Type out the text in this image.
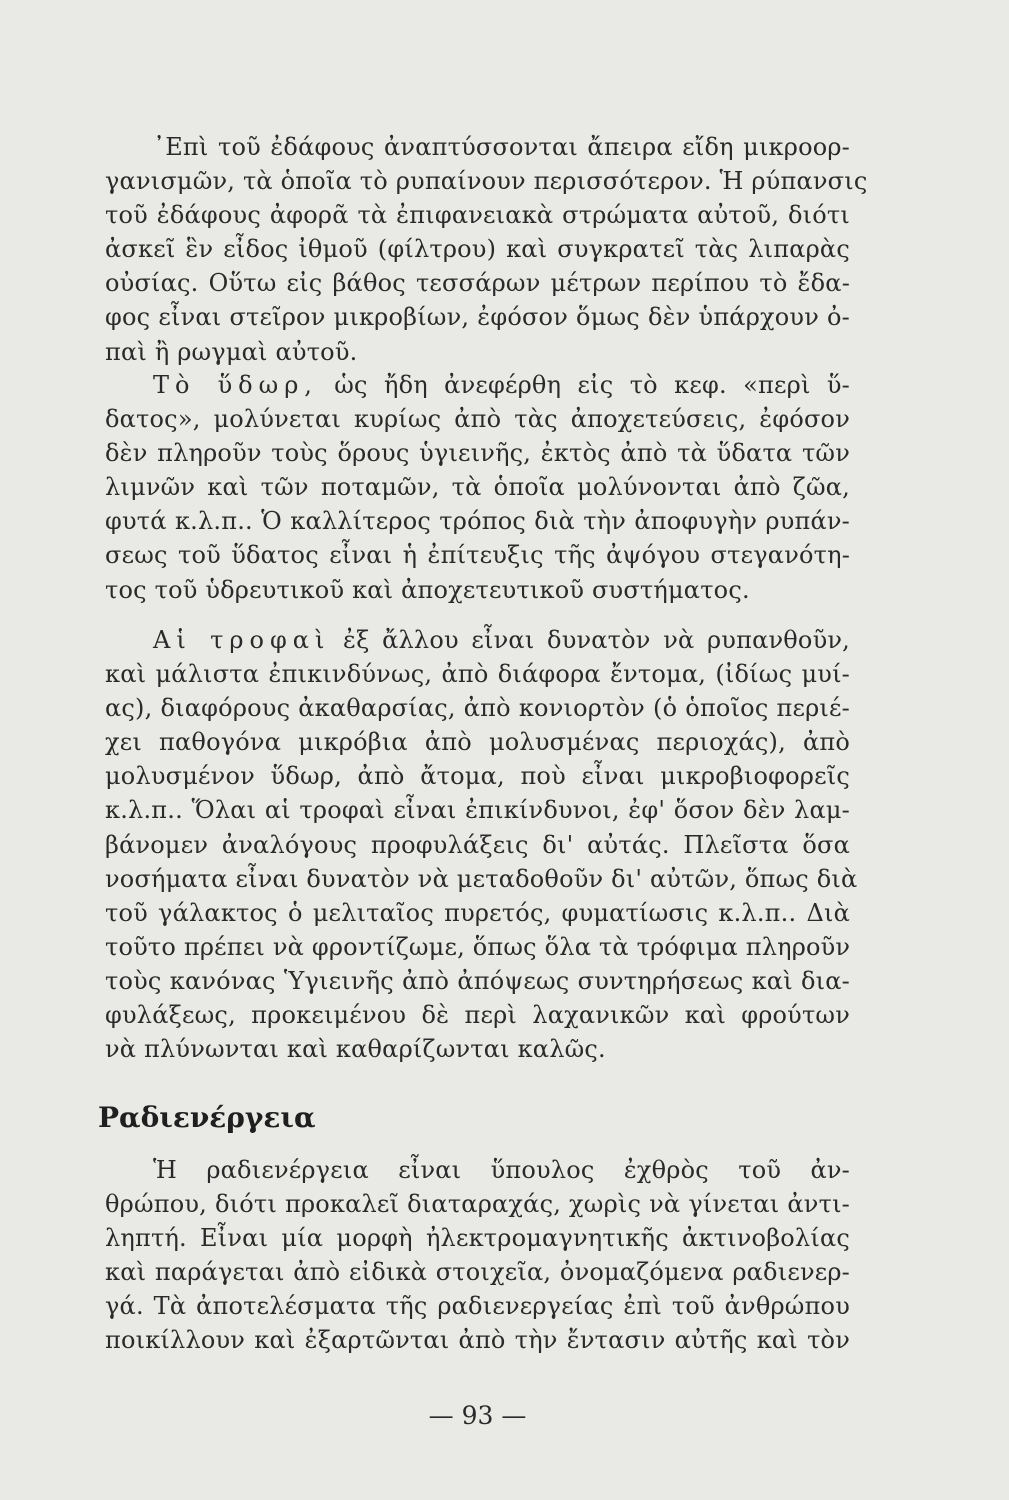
᾿Επὶ τοῦ ἐδάφους ἀναπτύσσονται ἄπειρα εἴδη μικροορ-
γανισμῶν, τὰ ὁποῖα τὸ ρυπαίνουν περισσότερον. Ἡ ρύπανσις
τοῦ ἐδάφους ἀφορᾶ τὰ ἐπιφανειακὰ στρώματα αὐτοῦ, διότι
ἀσκεῖ ἓν εἶδος ἰθμοῦ (φίλτρου) καὶ συγκρατεῖ τὰς λιπαρὰς
οὐσίας. Οὕτω εἰς βάθος τεσσάρων μέτρων περίπου τὸ ἔδα-
φος εἶναι στεῖρον μικροβίων, ἐφόσον ὅμως δὲν ὑπάρχουν ὀ-
παὶ ἢ ρωγμαὶ αὐτοῦ.
Τὸ ὕδωρ, ὡς ἤδη ἀνεφέρθη εἰς τὸ κεφ. «περὶ ὕ-
δατος», μολύνεται κυρίως ἀπὸ τὰς ἀποχετεύσεις, ἐφόσον
δὲν πληροῦν τοὺς ὅρους ὑγιεινῆς, ἐκτὸς ἀπὸ τὰ ὕδατα τῶν
λιμνῶν καὶ τῶν ποταμῶν, τὰ ὁποῖα μολύνονται ἀπὸ ζῶα,
φυτά κ.λ.π.. Ὁ καλλίτερος τρόπος διὰ τὴν ἀποφυγὴν ρυπάν-
σεως τοῦ ὕδατος εἶναι ἡ ἐπίτευξις τῆς ἀψόγου στεγανότη-
τος τοῦ ὑδρευτικοῦ καὶ ἀποχετευτικοῦ συστήματος.
Αἱ τροφαὶ ἐξ ἄλλου εἶναι δυνατὸν νὰ ρυπανθοῦν,
καὶ μάλιστα ἐπικινδύνως, ἀπὸ διάφορα ἔντομα, (ἰδίως μυί-
ας), διαφόρους ἀκαθαρσίας, ἀπὸ κονιορτὸν (ὁ ὁποῖος περιέ-
χει παθογόνα μικρόβια ἀπὸ μολυσμένας περιοχάς), ἀπὸ
μολυσμένον ὕδωρ, ἀπὸ ἄτομα, ποὺ εἶναι μικροβιοφορεῖς
κ.λ.π.. Ὅλαι αἱ τροφαὶ εἶναι ἐπικίνδυνοι, ἐφ' ὅσον δὲν λαμ-
βάνομεν ἀναλόγους προφυλάξεις δι' αὐτάς. Πλεῖστα ὅσα
νοσήματα εἶναι δυνατὸν νὰ μεταδοθοῦν δι' αὐτῶν, ὅπως διὰ
τοῦ γάλακτος ὁ μελιταῖος πυρετός, φυματίωσις κ.λ.π.. Διὰ
τοῦτο πρέπει νὰ φροντίζωμε, ὅπως ὅλα τὰ τρόφιμα πληροῦν
τοὺς κανόνας Ὑγιεινῆς ἀπὸ ἀπόψεως συντηρήσεως καὶ δια-
φυλάξεως, προκειμένου δὲ περὶ λαχανικῶν καὶ φρούτων
νὰ πλύνωνται καὶ καθαρίζωνται καλῶς.
Ραδιενέργεια
Ἡ ραδιενέργεια εἶναι ὕπουλος ἐχθρὸς τοῦ ἀν-
θρώπου, διότι προκαλεῖ διαταραχάς, χωρὶς νὰ γίνεται ἀντι-
ληπτή. Εἶναι μία μορφὴ ἠλεκτρομαγνητικῆς ἀκτινοβολίας
καὶ παράγεται ἀπὸ εἰδικὰ στοιχεῖα, ὀνομαζόμενα ραδιενερ-
γά. Τὰ ἀποτελέσματα τῆς ραδιενεργείας ἐπὶ τοῦ ἀνθρώπου
ποικίλλουν καὶ ἐξαρτῶνται ἀπὸ τὴν ἔντασιν αὐτῆς καὶ τὸν
— 93 —
